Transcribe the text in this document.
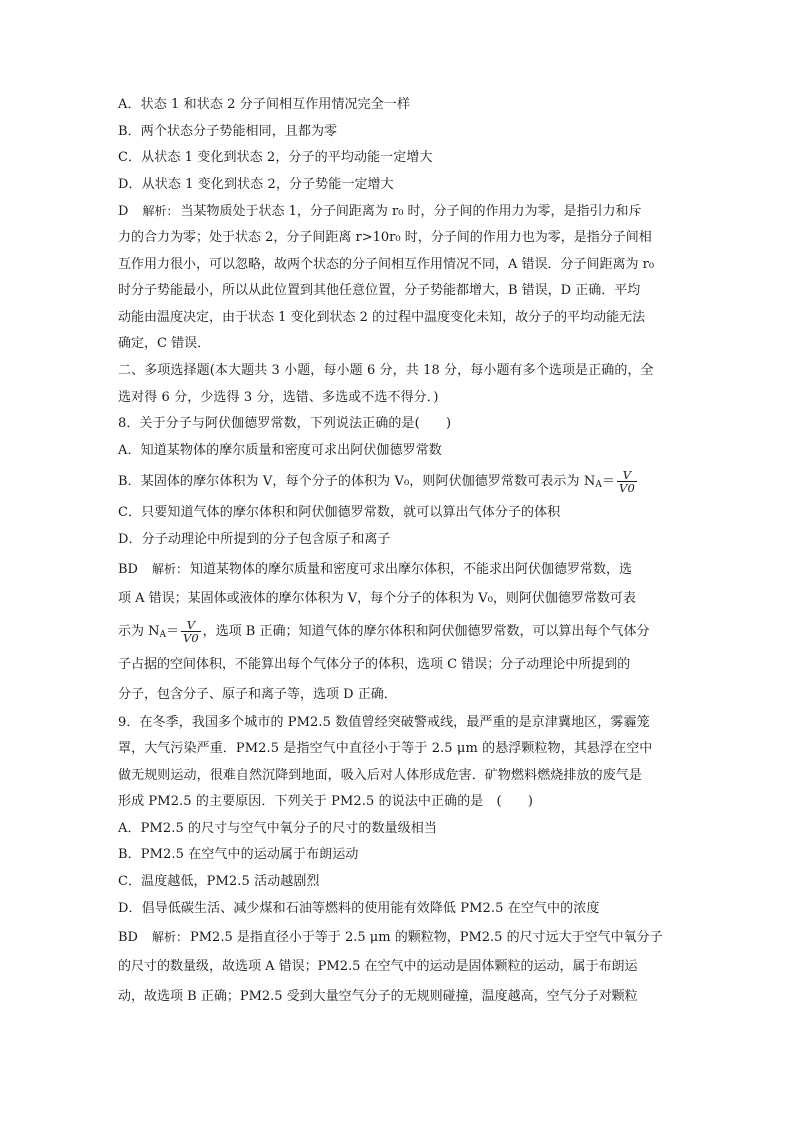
A．状态 1 和状态 2 分子间相互作用情况完全一样
B．两个状态分子势能相同，且都为零
C．从状态 1 变化到状态 2，分子的平均动能一定增大
D．从状态 1 变化到状态 2，分子势能一定增大
D 解析： 当某物质处于状态 1，分子间距离为 r₀ 时，分子间的作用力为零，是指引力和斥
力的合力为零；处于状态 2，分子间距离 r>10r₀ 时，分子间的作用力也为零，是指分子间相
互作用力很小，可以忽略，故两个状态的分子间相互作用情况不同，A 错误．分子间距离为 r₀
时分子势能最小，所以从此位置到其他任意位置，分子势能都增大，B 错误，D 正确．平均
动能由温度决定，由于状态 1 变化到状态 2 的过程中温度变化未知，故分子的平均动能无法
确定，C 错误．
二、多项选择题(本大题共 3 小题，每小题 6 分，共 18 分，每小题有多个选项是正确的，全
选对得 6 分，少选得 3 分，选错、多选或不选不得分．)
8．关于分子与阿伏伽德罗常数，下列说法正确的是(　　)
A．知道某物体的摩尔质量和密度可求出阿伏伽德罗常数
B．某固体的摩尔体积为 V，每个分子的体积为 V₀，则阿伏伽德罗常数可表示为 $N_A= \frac{V}{V0}$
C．只要知道气体的摩尔体积和阿伏伽德罗常数，就可以算出气体分子的体积
D．分子动理论中所提到的分子包含原子和离子
BD 解析： 知道某物体的摩尔质量和密度可求出摩尔体积，不能求出阿伏伽德罗常数，选
项 A 错误；某固体或液体的摩尔体积为 V，每个分子的体积为 V₀，则阿伏伽德罗常数可表
示为 $N_A= \frac{V}{V0}$ ，选项 B 正确；知道气体的摩尔体积和阿伏伽德罗常数，可以算出每个气体分
子占据的空间体积，不能算出每个气体分子的体积，选项 C 错误；分子动理论中所提到的
分子，包含分子、原子和离子等，选项 D 正确．
9．在冬季，我国多个城市的 PM2.5 数值曾经突破警戒线，最严重的是京津冀地区，雾霾笼
罩，大气污染严重．PM2.5 是指空气中直径小于等于 2.5 μm 的悬浮颗粒物，其悬浮在空中
做无规则运动，很难自然沉降到地面，吸入后对人体形成危害．矿物燃料燃烧排放的废气是
形成 PM2.5 的主要原因．下列关于 PM2.5 的说法中正确的是　(　　)
A．PM2.5 的尺寸与空气中氧分子的尺寸的数量级相当
B．PM2.5 在空气中的运动属于布朗运动
C．温度越低，PM2.5 活动越剧烈
D．倡导低碳生活、减少煤和石油等燃料的使用能有效降低 PM2.5 在空气中的浓度
BD 解析： PM2.5 是指直径小于等于 2.5 μm 的颗粒物，PM2.5 的尺寸远大于空气中氧分子
的尺寸的数量级，故选项 A 错误；PM2.5 在空气中的运动是固体颗粒的运动，属于布朗运
动，故选项 B 正确；PM2.5 受到大量空气分子的无规则碰撞，温度越高，空气分子对颗粒
